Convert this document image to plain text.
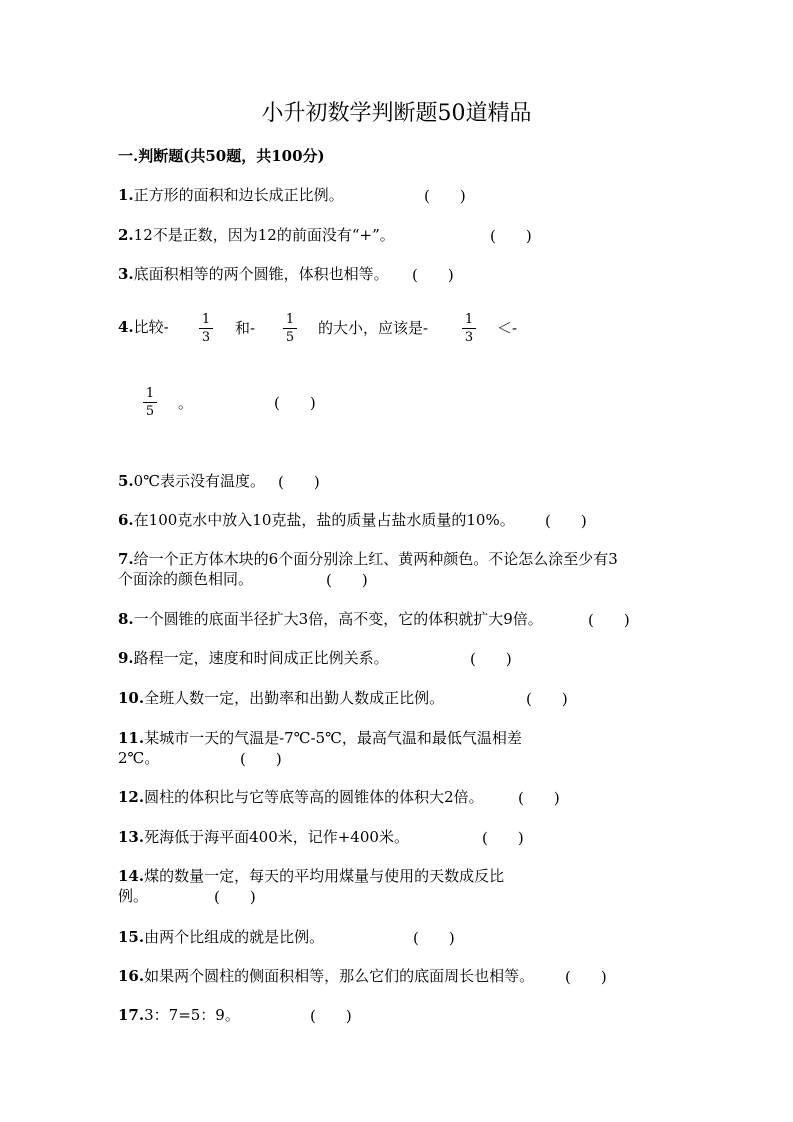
小升初数学判断题50道精品
一.判断题(共50题，共100分)
1.正方形的面积和边长成正比例。	(　　)
2.12不是正数，因为12的前面没有“+”。	(　　)
3.底面积相等的两个圆锥，体积也相等。 (　　)
4.比较-	1
3
和-	1
5
的大小，应该是-	1
3
＜-
1
5	。	(　　)
5.0℃表示没有温度。 (　　)
6.在100克水中放入10克盐，盐的质量占盐水质量的10%。 (　　)
7.给一个正方体木块的6个面分别涂上红、黄两种颜色。不论怎么涂至少有3
个面涂的颜色相同。	(　　)
8.一个圆锥的底面半径扩大3倍，高不变，它的体积就扩大9倍。	(　　)
9.路程一定，速度和时间成正比例关系。	(　　)
10.全班人数一定，出勤率和出勤人数成正比例。	(　　)
11.某城市一天的气温是-7℃-5℃，最高气温和最低气温相差
2℃。	(　　)
12.圆柱的体积比与它等底等高的圆锥体的体积大2倍。 (　　)
13.死海低于海平面400米，记作+400米。	(　　)
14.煤的数量一定，每天的平均用煤量与使用的天数成反比
例。	(　　)
15.由两个比组成的就是比例。	(　　)
16.如果两个圆柱的侧面积相等，那么它们的底面周长也相等。 (　　)
17.3：7=5：9。	(　　)
